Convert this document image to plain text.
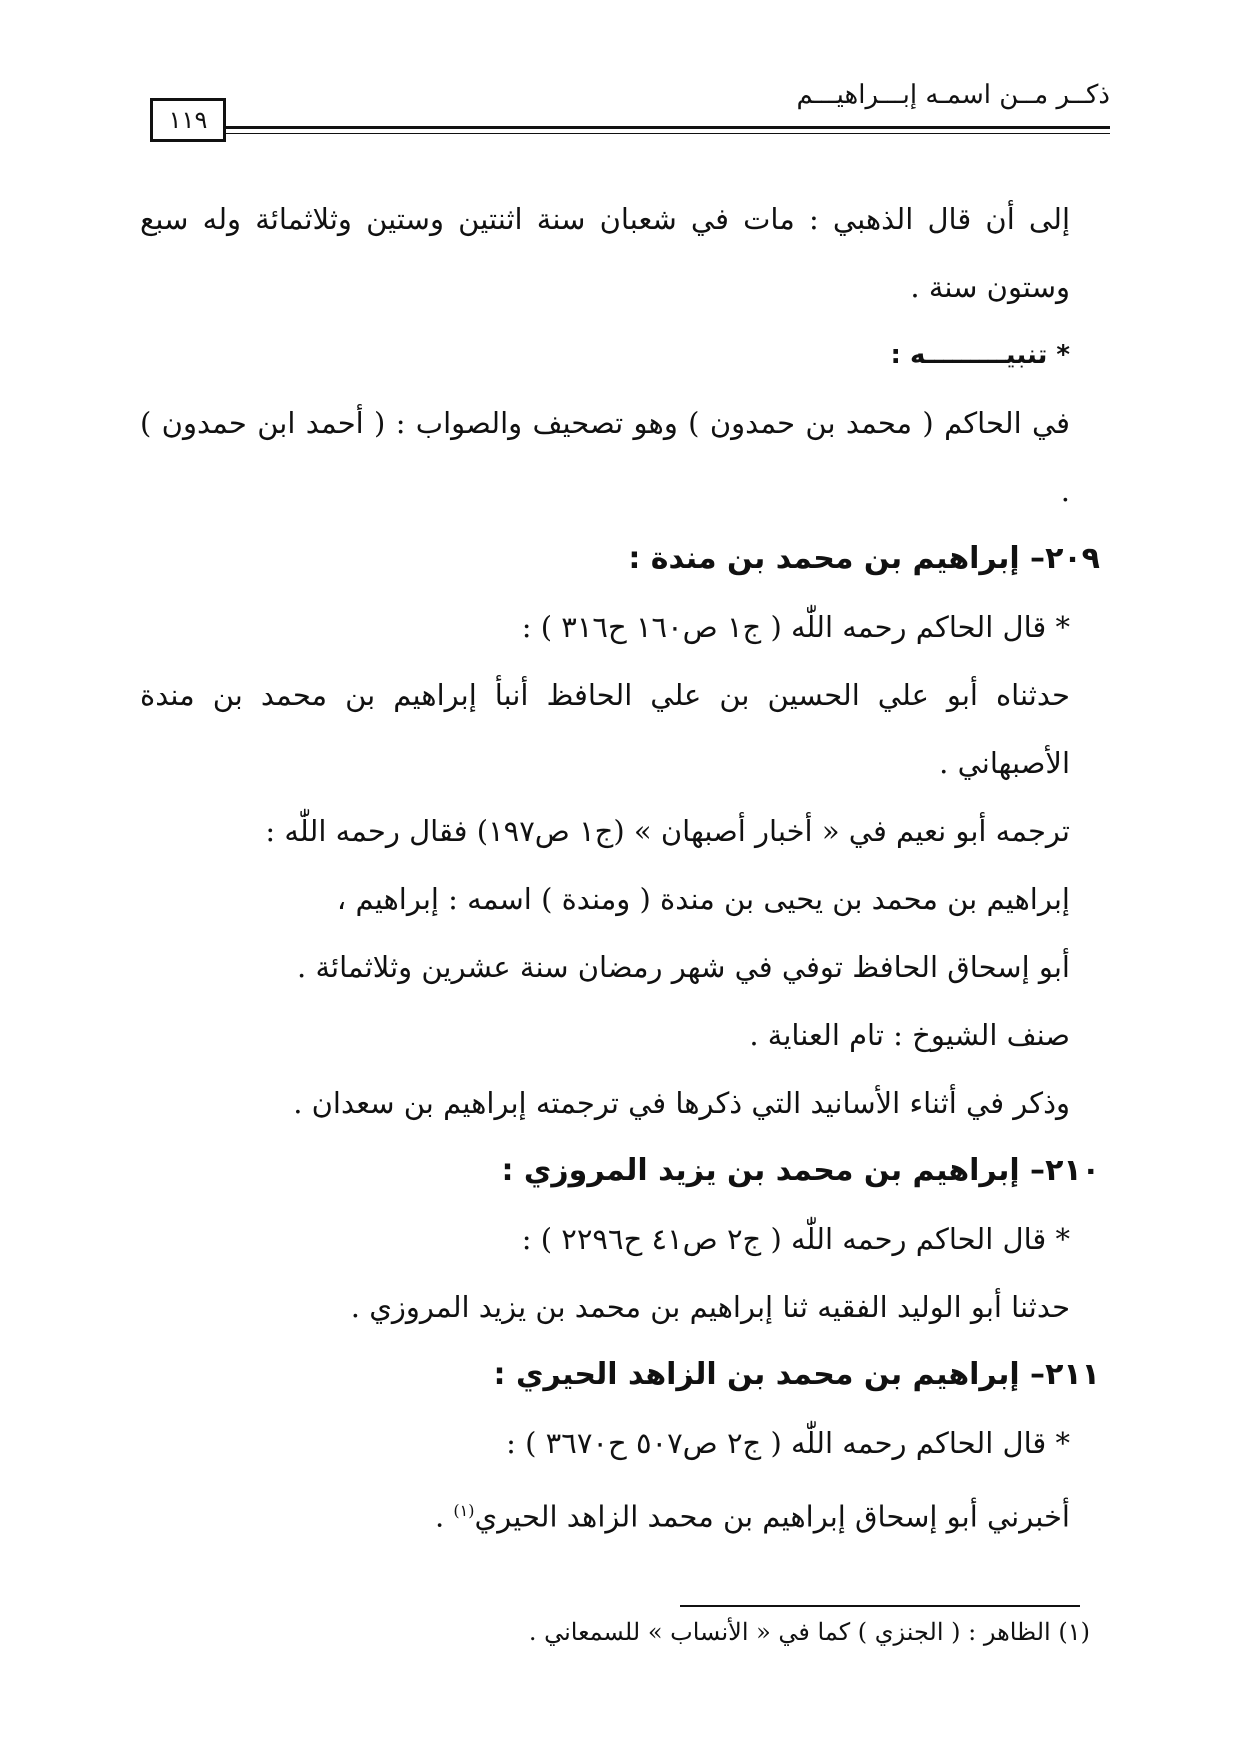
ذكــر مــن اسمـه إبـــراهيـــم
١١٩

إلى أن قال الذهبي : مات في شعبان سنة اثنتين وستين وثلاثمائة وله سبع وستون سنة .

* تنبيـــــــــه :

في الحاكم ( محمد بن حمدون ) وهو تصحيف والصواب : ( أحمد ابن حمدون ) .

٢٠٩– إبراهيم بن محمد بن مندة :

* قال الحاكم رحمه اللّٰه ( ج١ ص١٦٠ ح٣١٦ ) :

حدثناه أبو علي الحسين بن علي الحافظ أنبأ إبراهيم بن محمد بن مندة الأصبهاني .

ترجمه أبو نعيم في « أخبار أصبهان » (ج١ ص١٩٧) فقال رحمه اللّٰه :

إبراهيم بن محمد بن يحيى بن مندة ( ومندة ) اسمه : إبراهيم ،

أبو إسحاق الحافظ توفي في شهر رمضان سنة عشرين وثلاثمائة .

صنف الشيوخ : تام العناية .

وذكر في أثناء الأسانيد التي ذكرها في ترجمته إبراهيم بن سعدان .

٢١٠– إبراهيم بن محمد بن يزيد المروزي :

* قال الحاكم رحمه اللّٰه ( ج٢ ص٤١ ح٢٢٩٦ ) :

حدثنا أبو الوليد الفقيه ثنا إبراهيم بن محمد بن يزيد المروزي .

٢١١– إبراهيم بن محمد بن الزاهد الحيري :

* قال الحاكم رحمه اللّٰه ( ج٢ ص٥٠٧ ح٣٦٧٠ ) :

أخبرني أبو إسحاق إبراهيم بن محمد الزاهد الحيري$^{(١)}$ .

(١) الظاهر : ( الجنزي ) كما في « الأنساب » للسمعاني .
